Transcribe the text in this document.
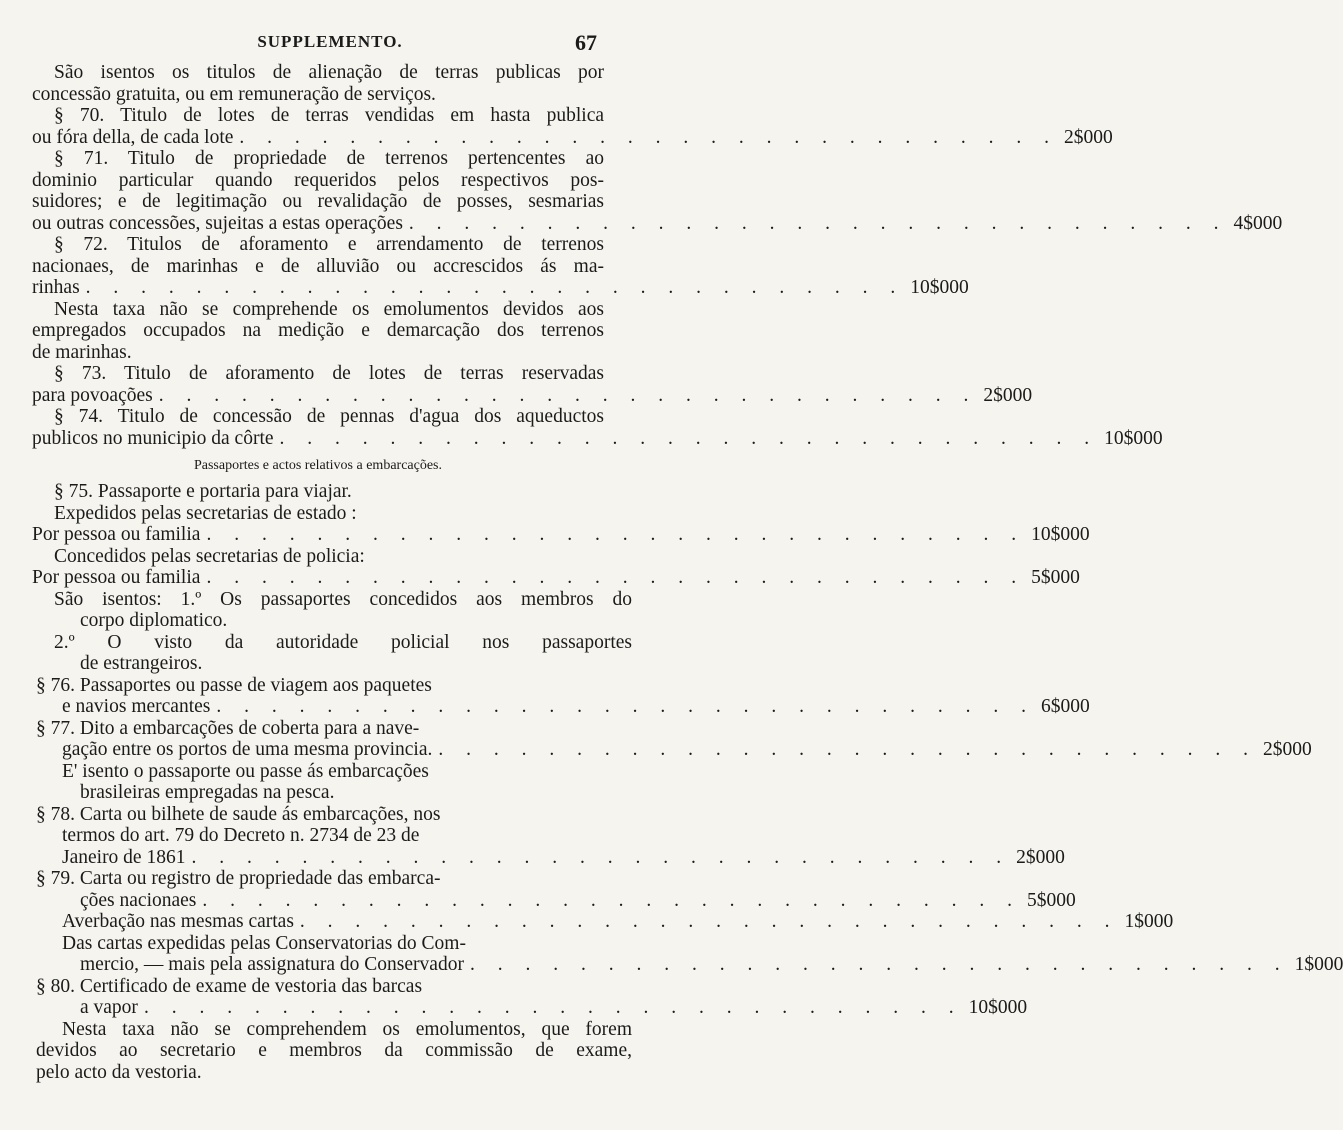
SUPPLEMENTO.	67
São isentos os titulos de alienação de terras publicas por
concessão gratuita, ou em remuneração de serviços.
§ 70. Titulo de lotes de terras vendidas em hasta publica
ou fóra della, de cada lote . . . . . . . . . . . . . . . . . . . . . . . . . . . . . . 2$000
§ 71. Titulo de propriedade de terrenos pertencentes ao
dominio particular quando requeridos pelos respectivos pos-
suidores; e de legitimação ou revalidação de posses, sesmarias
ou outras concessões, sujeitas a estas operações . . . . . . . . . . . . . . . . . . . . . . . . . . . . . . 4$000
§ 72. Titulos de aforamento e arrendamento de terrenos
nacionaes, de marinhas e de alluvião ou accrescidos ás ma-
rinhas . . . . . . . . . . . . . . . . . . . . . . . . . . . . . . 10$000
Nesta taxa não se comprehende os emolumentos devidos aos
empregados occupados na medição e demarcação dos terrenos
de marinhas.
§ 73. Titulo de aforamento de lotes de terras reservadas
para povoações . . . . . . . . . . . . . . . . . . . . . . . . . . . . . . 2$000
§ 74. Titulo de concessão de pennas d'agua dos aqueductos
publicos no municipio da côrte . . . . . . . . . . . . . . . . . . . . . . . . . . . . . . 10$000
Passaportes e actos relativos a embarcações.
§ 75. Passaporte e portaria para viajar.
Expedidos pelas secretarias de estado :
Por pessoa ou familia . . . . . . . . . . . . . . . . . . . . . . . . . . . . . . 10$000
Concedidos pelas secretarias de policia:
Por pessoa ou familia . . . . . . . . . . . . . . . . . . . . . . . . . . . . . . 5$000
São isentos: 1.º Os passaportes concedidos aos membros do
corpo diplomatico.
2.º O visto da autoridade policial nos passaportes
de estrangeiros.
§ 76. Passaportes ou passe de viagem aos paquetes
e navios mercantes . . . . . . . . . . . . . . . . . . . . . . . . . . . . . . 6$000
§ 77. Dito a embarcações de coberta para a nave-
gação entre os portos de uma mesma provincia. . . . . . . . . . . . . . . . . . . . . . . . . . . . . . . 2$000
E' isento o passaporte ou passe ás embarcações
brasileiras empregadas na pesca.
§ 78. Carta ou bilhete de saude ás embarcações, nos
termos do art. 79 do Decreto n. 2734 de 23 de
Janeiro de 1861 . . . . . . . . . . . . . . . . . . . . . . . . . . . . . . 2$000
§ 79. Carta ou registro de propriedade das embarca-
ções nacionaes . . . . . . . . . . . . . . . . . . . . . . . . . . . . . . 5$000
Averbação nas mesmas cartas . . . . . . . . . . . . . . . . . . . . . . . . . . . . . . 1$000
Das cartas expedidas pelas Conservatorias do Com-
mercio, — mais pela assignatura do Conservador . . . . . . . . . . . . . . . . . . . . . . . . . . . . . . 1$000
§ 80. Certificado de exame de vestoria das barcas
a vapor . . . . . . . . . . . . . . . . . . . . . . . . . . . . . . 10$000
Nesta taxa não se comprehendem os emolumentos, que forem
devidos ao secretario e membros da commissão de exame,
pelo acto da vestoria.
